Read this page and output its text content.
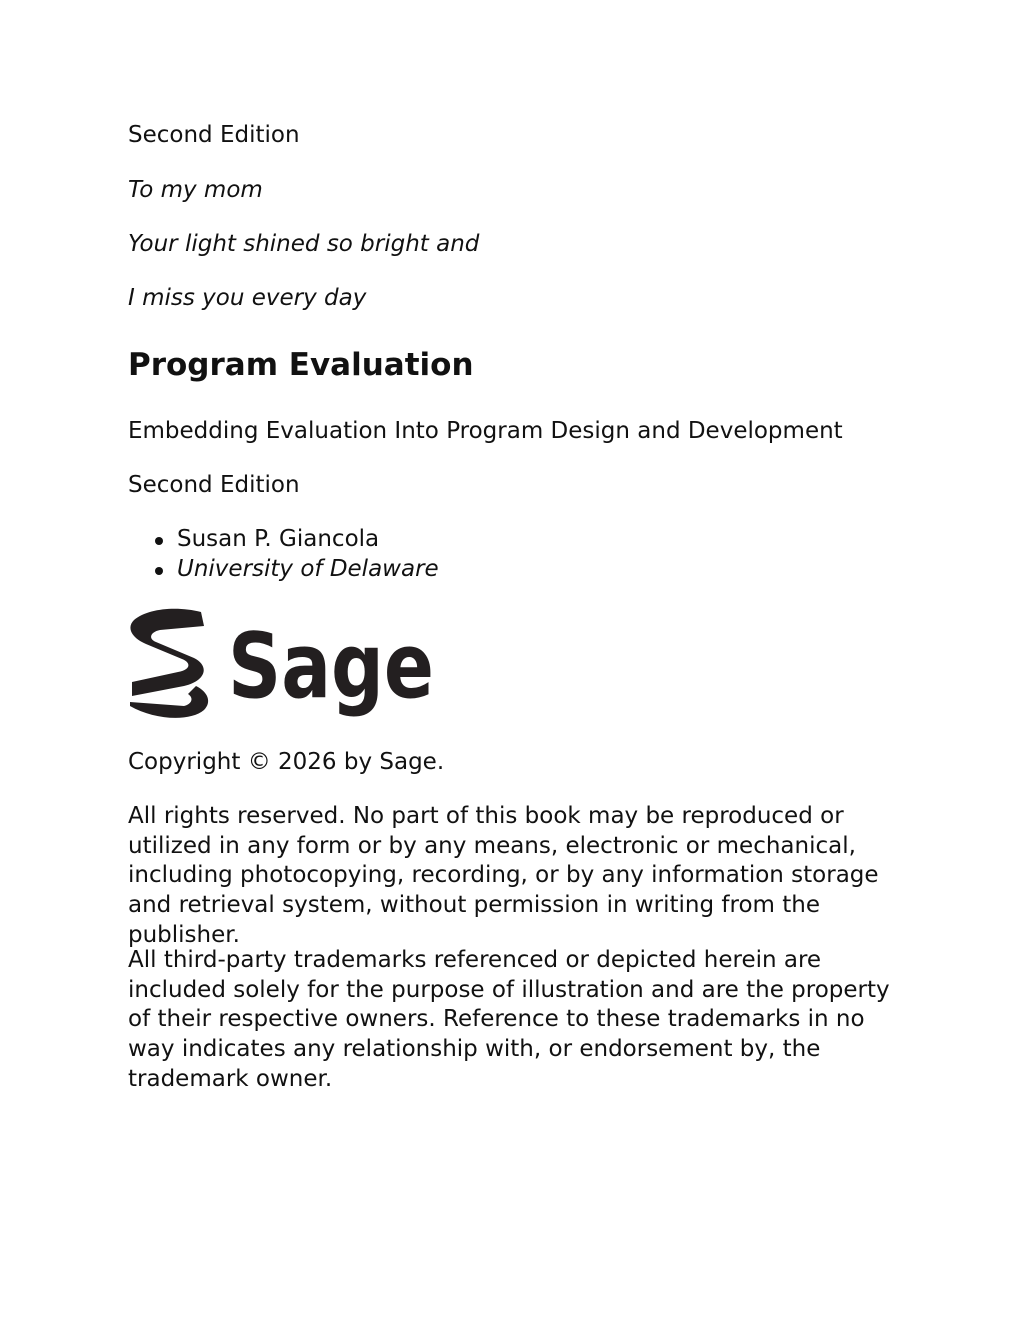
Second Edition
To my mom
Your light shined so bright and
I miss you every day
Program Evaluation
Embedding Evaluation Into Program Design and Development
Second Edition
Susan P. Giancola
University of Delaware
Sage
Copyright © 2026 by Sage.
All rights reserved. No part of this book may be reproduced or utilized in any form or by any means, electronic or mechanical, including photocopying, recording, or by any information storage and retrieval system, without permission in writing from the publisher.
All third-party trademarks referenced or depicted herein are included solely for the purpose of illustration and are the property of their respective owners. Reference to these trademarks in no way indicates any relationship with, or endorsement by, the trademark owner.
